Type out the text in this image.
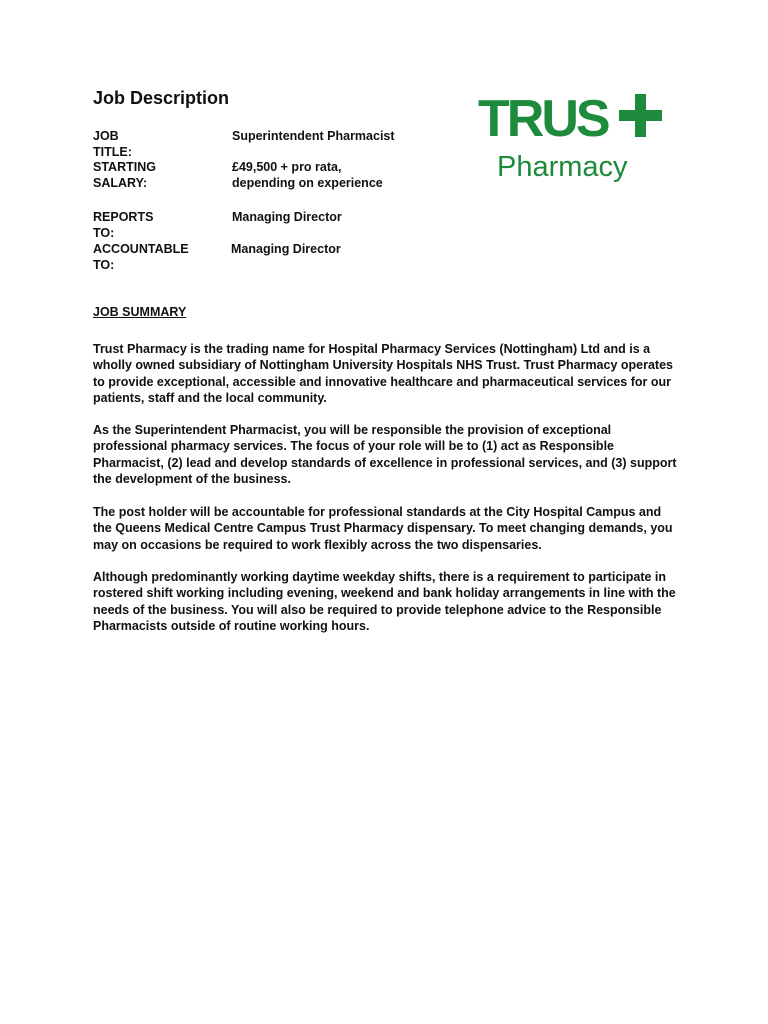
Job Description
JOB TITLE:
Superintendent Pharmacist
STARTING SALARY:
£49,500 + pro rata,
depending on experience
REPORTS TO:
Managing Director
ACCOUNTABLE TO:
Managing Director
TRUS
Pharmacy
JOB SUMMARY

Trust Pharmacy is the trading name for Hospital Pharmacy Services (Nottingham) Ltd and is a wholly owned subsidiary of Nottingham University Hospitals NHS Trust. Trust Pharmacy operates to provide exceptional, accessible and innovative healthcare and pharmaceutical services for our patients, staff and the local community.

As the Superintendent Pharmacist, you will be responsible the provision of exceptional professional pharmacy services. The focus of your role will be to (1) act as Responsible Pharmacist, (2) lead and develop standards of excellence in professional services, and (3) support the development of the business.

The post holder will be accountable for professional standards at the City Hospital Campus and the Queens Medical Centre Campus Trust Pharmacy dispensary. To meet changing demands, you may on occasions be required to work flexibly across the two dispensaries.

Although predominantly working daytime weekday shifts, there is a requirement to participate in rostered shift working including evening, weekend and bank holiday arrangements in line with the needs of the business. You will also be required to provide telephone advice to the Responsible Pharmacists outside of routine working hours.
